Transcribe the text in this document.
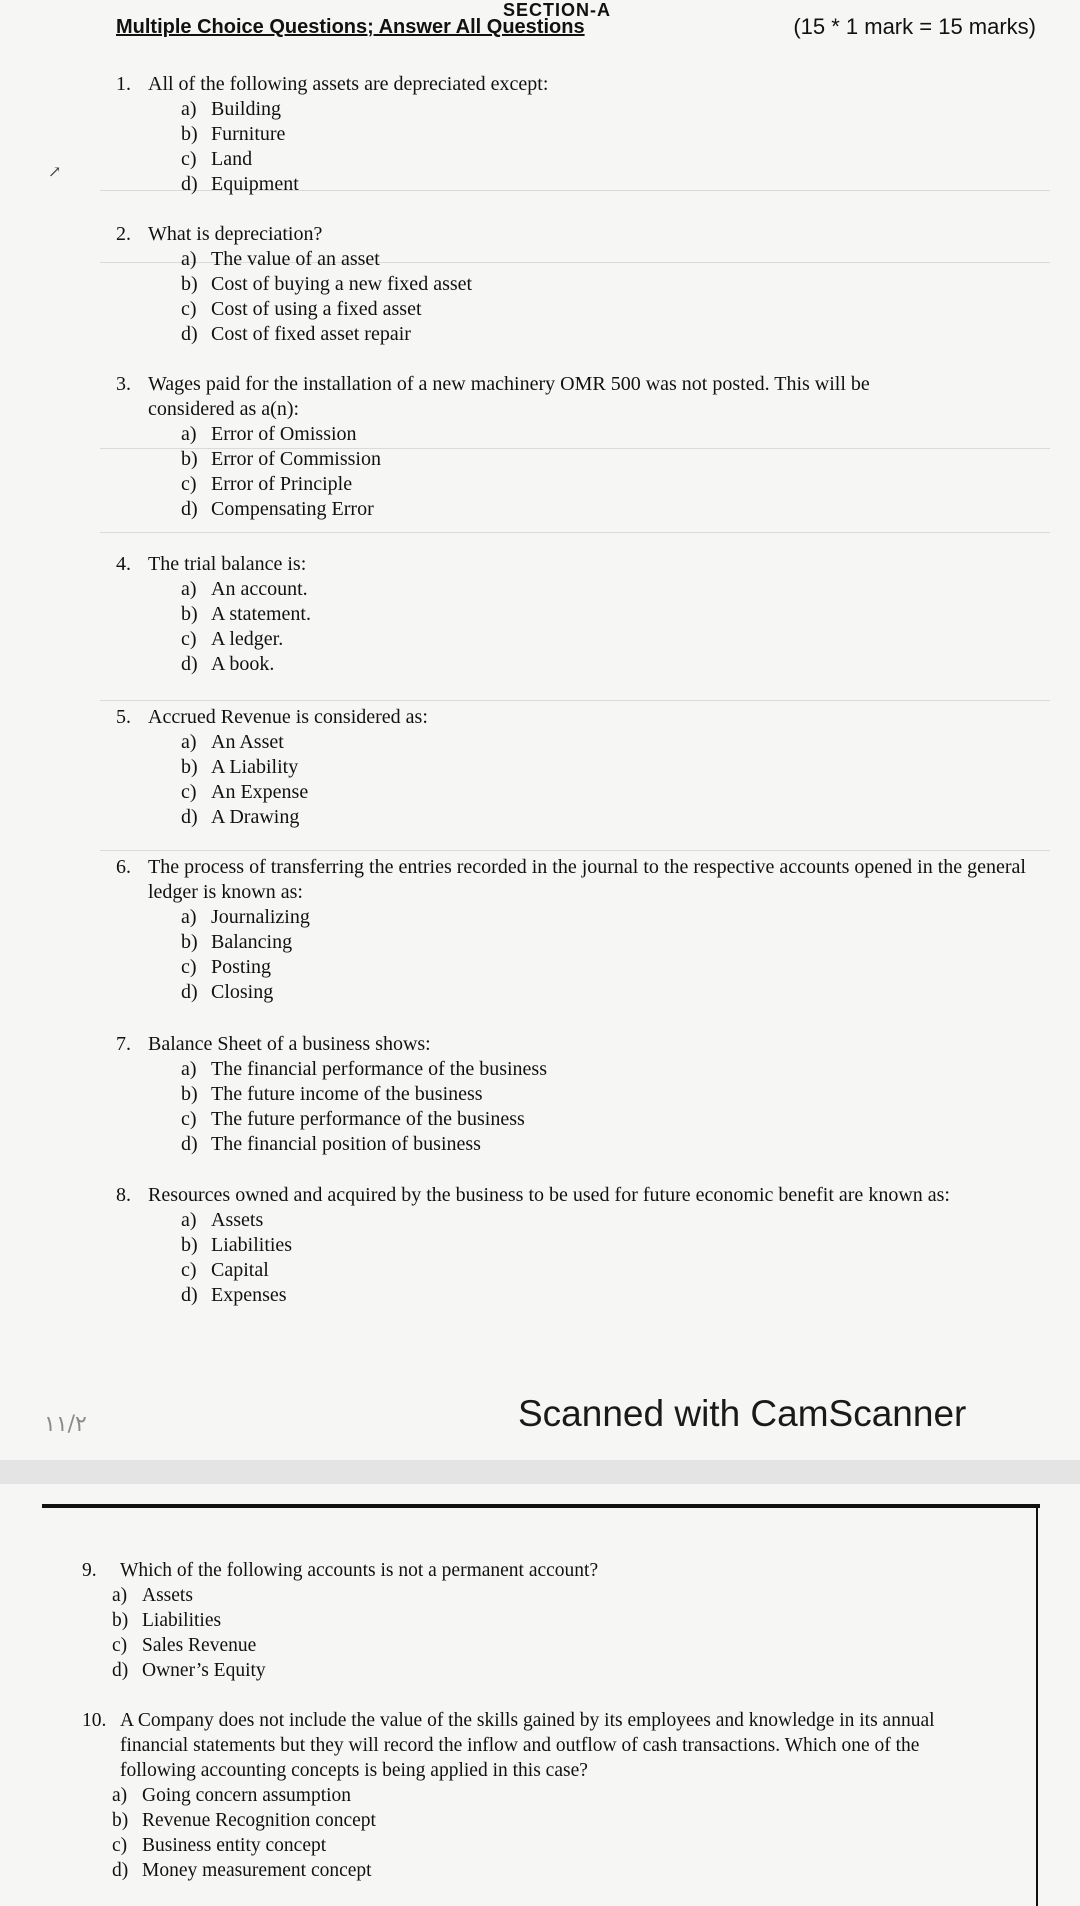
SECTION-A
Multiple Choice Questions; Answer All Questions	(15 * 1 mark = 15 marks)
↗
1. All of the following assets are depreciated except:
a) Building
b) Furniture
c) Land
d) Equipment
2. What is depreciation?
a) The value of an asset
b) Cost of buying a new fixed asset
c) Cost of using a fixed asset
d) Cost of fixed asset repair
3. Wages paid for the installation of a new machinery OMR 500 was not posted. This will be considered as a(n):
a) Error of Omission
b) Error of Commission
c) Error of Principle
d) Compensating Error
4. The trial balance is:
a) An account.
b) A statement.
c) A ledger.
d) A book.
5. Accrued Revenue is considered as:
a) An Asset
b) A Liability
c) An Expense
d) A Drawing
6. The process of transferring the entries recorded in the journal to the respective accounts opened in the general ledger is known as:
a) Journalizing
b) Balancing
c) Posting
d) Closing
7. Balance Sheet of a business shows:
a) The financial performance of the business
b) The future income of the business
c) The future performance of the business
d) The financial position of business
8. Resources owned and acquired by the business to be used for future economic benefit are known as:
a) Assets
b) Liabilities
c) Capital
d) Expenses
Scanned with CamScanner
١١/٢
9.	Which of the following accounts is not a permanent account?
a) Assets
b) Liabilities
c) Sales Revenue
d) Owner’s Equity
10. A Company does not include the value of the skills gained by its employees and knowledge in its annual financial statements but they will record the inflow and outflow of cash transactions. Which one of the following accounting concepts is being applied in this case?
a) Going concern assumption
b) Revenue Recognition concept
c) Business entity concept
d) Money measurement concept
